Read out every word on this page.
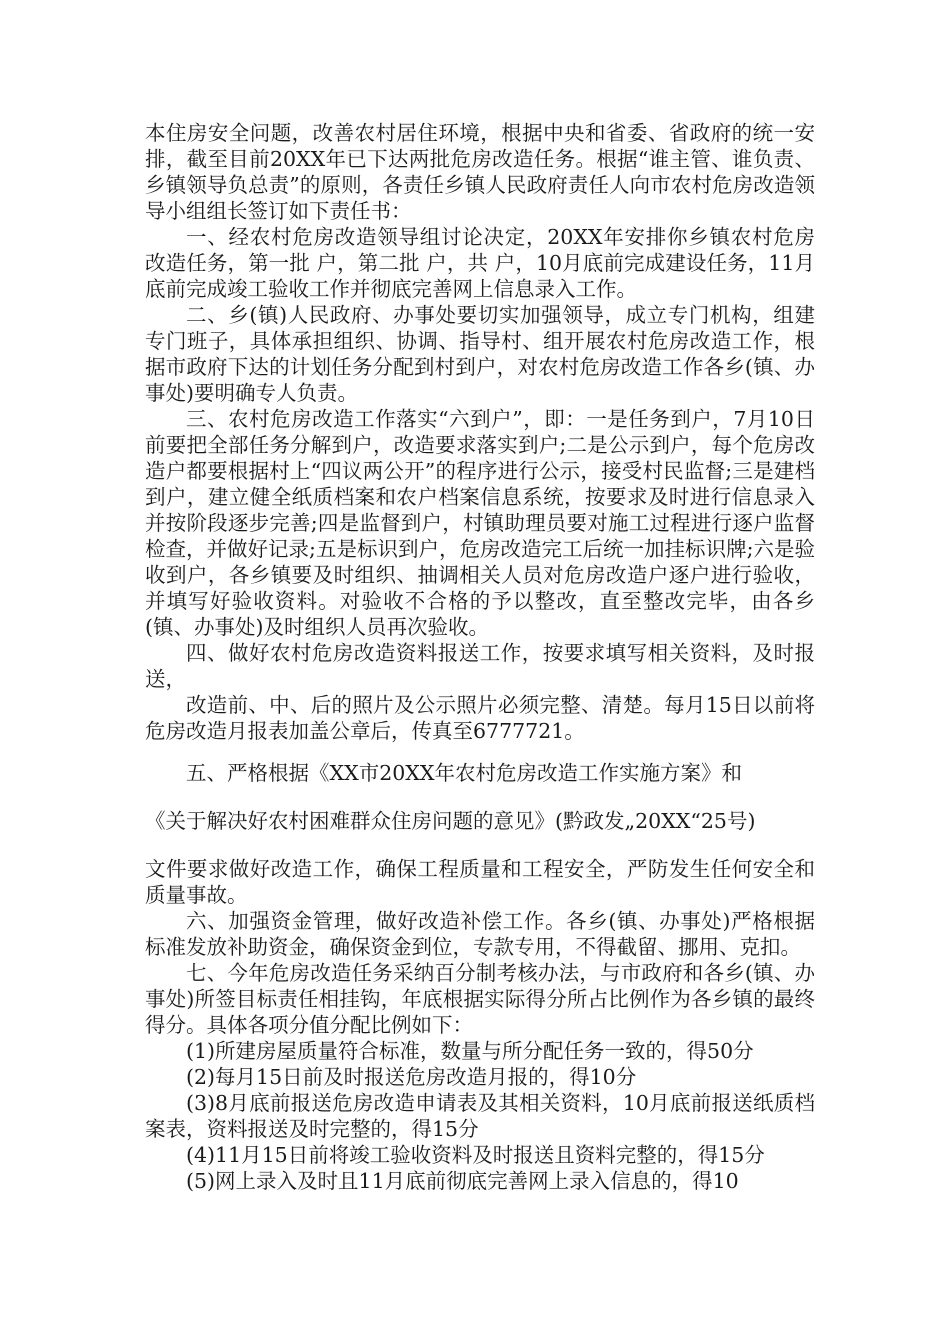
本住房安全问题，改善农村居住环境，根据中央和省委、省政府的统一安排，截至目前20XX年已下达两批危房改造任务。根据“谁主管、谁负责、乡镇领导负总责”的原则，各责任乡镇人民政府责任人向市农村危房改造领导小组组长签订如下责任书：

一、经农村危房改造领导组讨论决定，20XX年安排你乡镇农村危房改造任务，第一批 户，第二批 户，共 户，10月底前完成建设任务，11月底前完成竣工验收工作并彻底完善网上信息录入工作。

二、乡(镇)人民政府、办事处要切实加强领导，成立专门机构，组建专门班子，具体承担组织、协调、指导村、组开展农村危房改造工作，根据市政府下达的计划任务分配到村到户，对农村危房改造工作各乡(镇、办事处)要明确专人负责。

三、农村危房改造工作落实“六到户”，即：一是任务到户，7月10日前要把全部任务分解到户，改造要求落实到户;二是公示到户，每个危房改造户都要根据村上“四议两公开”的程序进行公示，接受村民监督;三是建档到户，建立健全纸质档案和农户档案信息系统，按要求及时进行信息录入并按阶段逐步完善;四是监督到户，村镇助理员要对施工过程进行逐户监督检查，并做好记录;五是标识到户，危房改造完工后统一加挂标识牌;六是验收到户，各乡镇要及时组织、抽调相关人员对危房改造户逐户进行验收，并填写好验收资料。对验收不合格的予以整改，直至整改完毕，由各乡(镇、办事处)及时组织人员再次验收。

四、做好农村危房改造资料报送工作，按要求填写相关资料，及时报送，

改造前、中、后的照片及公示照片必须完整、清楚。每月15日以前将危房改造月报表加盖公章后，传真至6777721。

五、严格根据《XX市20XX年农村危房改造工作实施方案》和

《关于解决好农村困难群众住房问题的意见》(黔政发„20XX“25号)

文件要求做好改造工作，确保工程质量和工程安全，严防发生任何安全和质量事故。

六、加强资金管理，做好改造补偿工作。各乡(镇、办事处)严格根据标准发放补助资金，确保资金到位，专款专用，不得截留、挪用、克扣。

七、今年危房改造任务采纳百分制考核办法，与市政府和各乡(镇、办事处)所签目标责任相挂钩，年底根据实际得分所占比例作为各乡镇的最终得分。具体各项分值分配比例如下：

(1)所建房屋质量符合标准，数量与所分配任务一致的，得50分

(2)每月15日前及时报送危房改造月报的，得10分

(3)8月底前报送危房改造申请表及其相关资料，10月底前报送纸质档案表，资料报送及时完整的，得15分

(4)11月15日前将竣工验收资料及时报送且资料完整的，得15分

(5)网上录入及时且11月底前彻底完善网上录入信息的，得10
